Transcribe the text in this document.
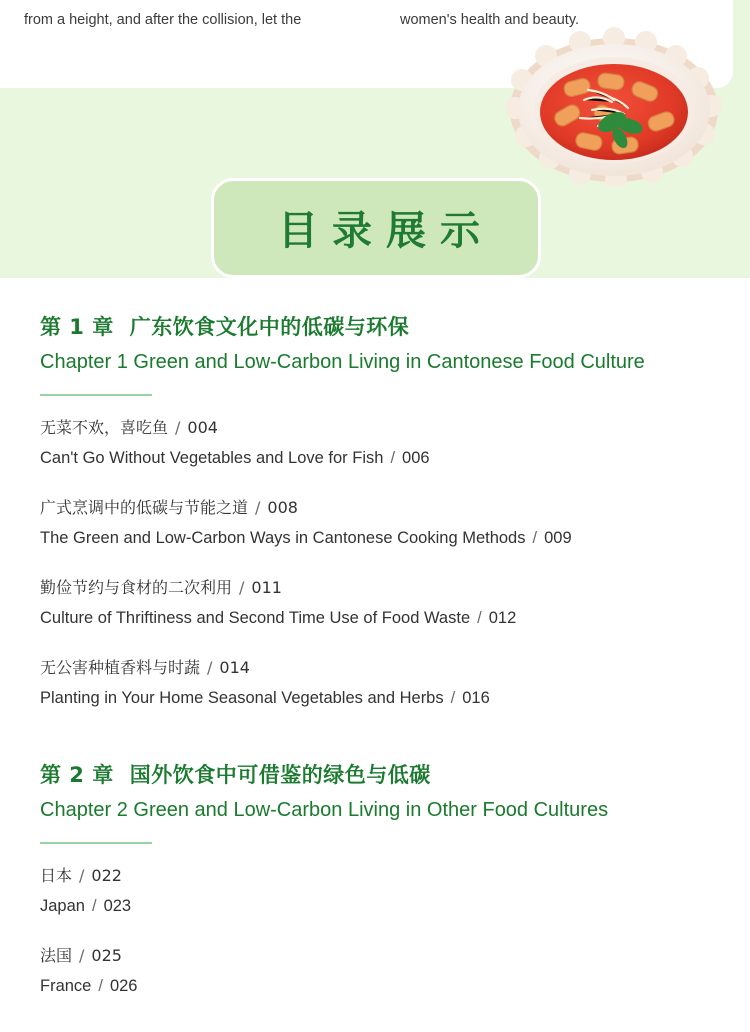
from a height, and after the collision, let the	women's health and beauty.
目录展示
第 1 章 广东饮食文化中的低碳与环保
Chapter 1 Green and Low-Carbon Living in Cantonese Food Culture
无菜不欢，喜吃鱼 / 004
Can't Go Without Vegetables and Love for Fish / 006
广式烹调中的低碳与节能之道 / 008
The Green and Low-Carbon Ways in Cantonese Cooking Methods / 009
勤俭节约与食材的二次利用 / 011
Culture of Thriftiness and Second Time Use of Food Waste / 012
无公害种植香料与时蔬 / 014
Planting in Your Home Seasonal Vegetables and Herbs / 016
第 2 章 国外饮食中可借鉴的绿色与低碳
Chapter 2 Green and Low-Carbon Living in Other Food Cultures
日本 / 022
Japan / 023
法国 / 025
France / 026
